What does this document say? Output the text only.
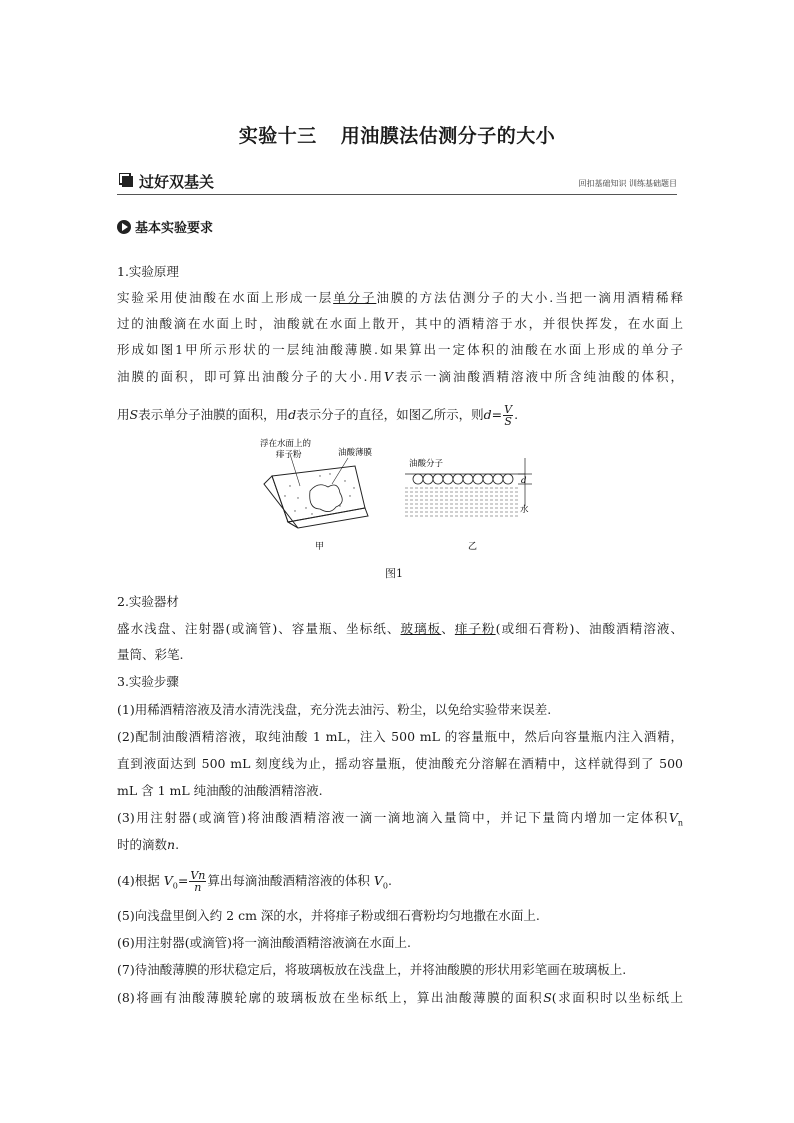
实验十三 用油膜法估测分子的大小
过好双基关	回扣基础知识 训练基础题目
基本实验要求
1.实验原理
实验采用使油酸在水面上形成一层单分子油膜的方法估测分子的大小.当把一滴用酒精稀释
过的油酸滴在水面上时，油酸就在水面上散开，其中的酒精溶于水，并很快挥发，在水面上
形成如图1甲所示形状的一层纯油酸薄膜.如果算出一定体积的油酸在水面上形成的单分子
油膜的面积，即可算出油酸分子的大小.用V表示一滴油酸酒精溶液中所含纯油酸的体积，
用S表示单分子油膜的面积，用d表示分子的直径，如图乙所示，则$d= \frac{V}{S}$ .
浮在水面上的
痱子粉	油酸薄膜
油酸分子
d
水
甲	乙
图1
2.实验器材
盛水浅盘、注射器(或滴管)、容量瓶、坐标纸、玻璃板、痱子粉(或细石膏粉)、油酸酒精溶液、
量筒、彩笔.
3.实验步骤
(1)用稀酒精溶液及清水清洗浅盘，充分洗去油污、粉尘，以免给实验带来误差.
(2)配制油酸酒精溶液，取纯油酸 1 mL，注入 500 mL 的容量瓶中，然后向容量瓶内注入酒精，
直到液面达到 500 mL 刻度线为止，摇动容量瓶，使油酸充分溶解在酒精中，这样就得到了 500
mL 含 1 mL 纯油酸的油酸酒精溶液.
(3)用注射器(或滴管)将油酸酒精溶液一滴一滴地滴入量筒中，并记下量筒内增加一定体积$V_n$
时的滴数n.
(4)根据 $V_0= \frac{Vn}{n}$ 算出每滴油酸酒精溶液的体积 $V_0$.
(5)向浅盘里倒入约 2 cm 深的水，并将痱子粉或细石膏粉均匀地撒在水面上.
(6)用注射器(或滴管)将一滴油酸酒精溶液滴在水面上.
(7)待油酸薄膜的形状稳定后，将玻璃板放在浅盘上，并将油酸膜的形状用彩笔画在玻璃板上.
(8)将画有油酸薄膜轮廓的玻璃板放在坐标纸上，算出油酸薄膜的面积S(求面积时以坐标纸上
